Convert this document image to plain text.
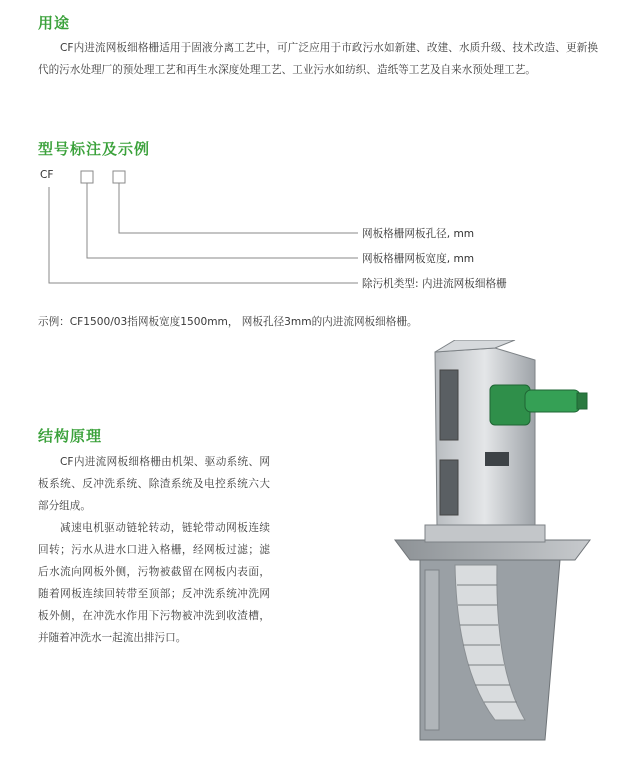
用途

CF内进流网板细格栅适用于固液分离工艺中，可广泛应用于市政污水如新建、改建、水质升级、技术改造、更新换代的污水处理厂的预处理工艺和再生水深度处理工艺、工业污水如纺织、造纸等工艺及自来水预处理工艺。

型号标注及示例
CF
网板格栅网板孔径, mm
网板格栅网板宽度, mm
除污机类型: 内进流网板细格栅

示例：CF1500/03指网板宽度1500mm， 网板孔径3mm的内进流网板细格栅。

结构原理

CF内进流网板细格栅由机架、驱动系统、网板系统、反冲洗系统、除渣系统及电控系统六大部分组成。

减速电机驱动链轮转动，链轮带动网板连续回转；污水从进水口进入格栅，经网板过滤；滤后水流向网板外侧，污物被截留在网板内表面，随着网板连续回转带至顶部；反冲洗系统冲洗网板外侧，在冲洗水作用下污物被冲洗到收渣槽，并随着冲洗水一起流出排污口。
